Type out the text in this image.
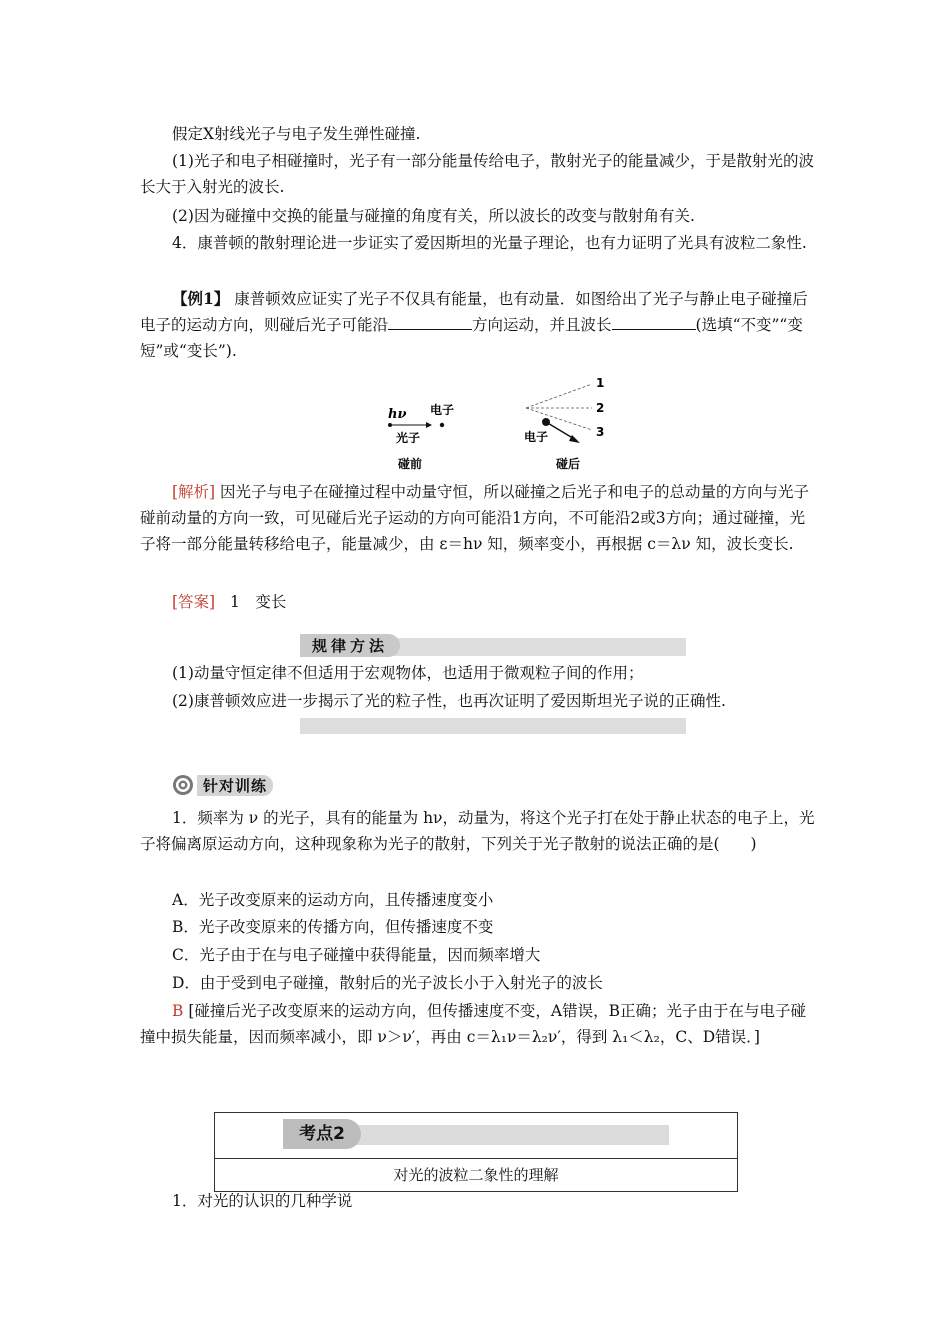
假定X射线光子与电子发生弹性碰撞.
(1)光子和电子相碰撞时，光子有一部分能量传给电子，散射光子的能量减少，于是散射光的波长大于入射光的波长.
(2)因为碰撞中交换的能量与碰撞的角度有关，所以波长的改变与散射角有关.
4．康普顿的散射理论进一步证实了爱因斯坦的光量子理论，也有力证明了光具有波粒二象性.
【例1】 康普顿效应证实了光子不仅具有能量，也有动量．如图给出了光子与静止电子碰撞后电子的运动方向，则碰后光子可能沿	方向运动，并且波长	(选填“不变”“变短”或“变长”).
hν 电子
光子
碰前
1
2
3
电子
碰后
[解析] 因光子与电子在碰撞过程中动量守恒，所以碰撞之后光子和电子的总动量的方向与光子碰前动量的方向一致，可见碰后光子运动的方向可能沿1方向，不可能沿2或3方向；通过碰撞，光子将一部分能量转移给电子，能量减少，由 ε＝hν 知，频率变小，再根据 c＝λν 知，波长变长.
[答案] 1　变长
规律方法
(1)动量守恒定律不但适用于宏观物体，也适用于微观粒子间的作用；
(2)康普顿效应进一步揭示了光的粒子性，也再次证明了爱因斯坦光子说的正确性.
针对训练
1．频率为 ν 的光子，具有的能量为 hν，动量为，将这个光子打在处于静止状态的电子上，光子将偏离原运动方向，这种现象称为光子的散射，下列关于光子散射的说法正确的是(　　)
A．光子改变原来的运动方向，且传播速度变小
B．光子改变原来的传播方向，但传播速度不变
C．光子由于在与电子碰撞中获得能量，因而频率增大
D．由于受到电子碰撞，散射后的光子波长小于入射光子的波长
B [碰撞后光子改变原来的运动方向，但传播速度不变，A错误，B正确；光子由于在与电子碰撞中损失能量，因而频率减小，即 ν＞ν′，再由 c＝λ₁ν＝λ₂ν′，得到 λ₁＜λ₂，C、D错误．]
考点2
对光的波粒二象性的理解
1．对光的认识的几种学说
